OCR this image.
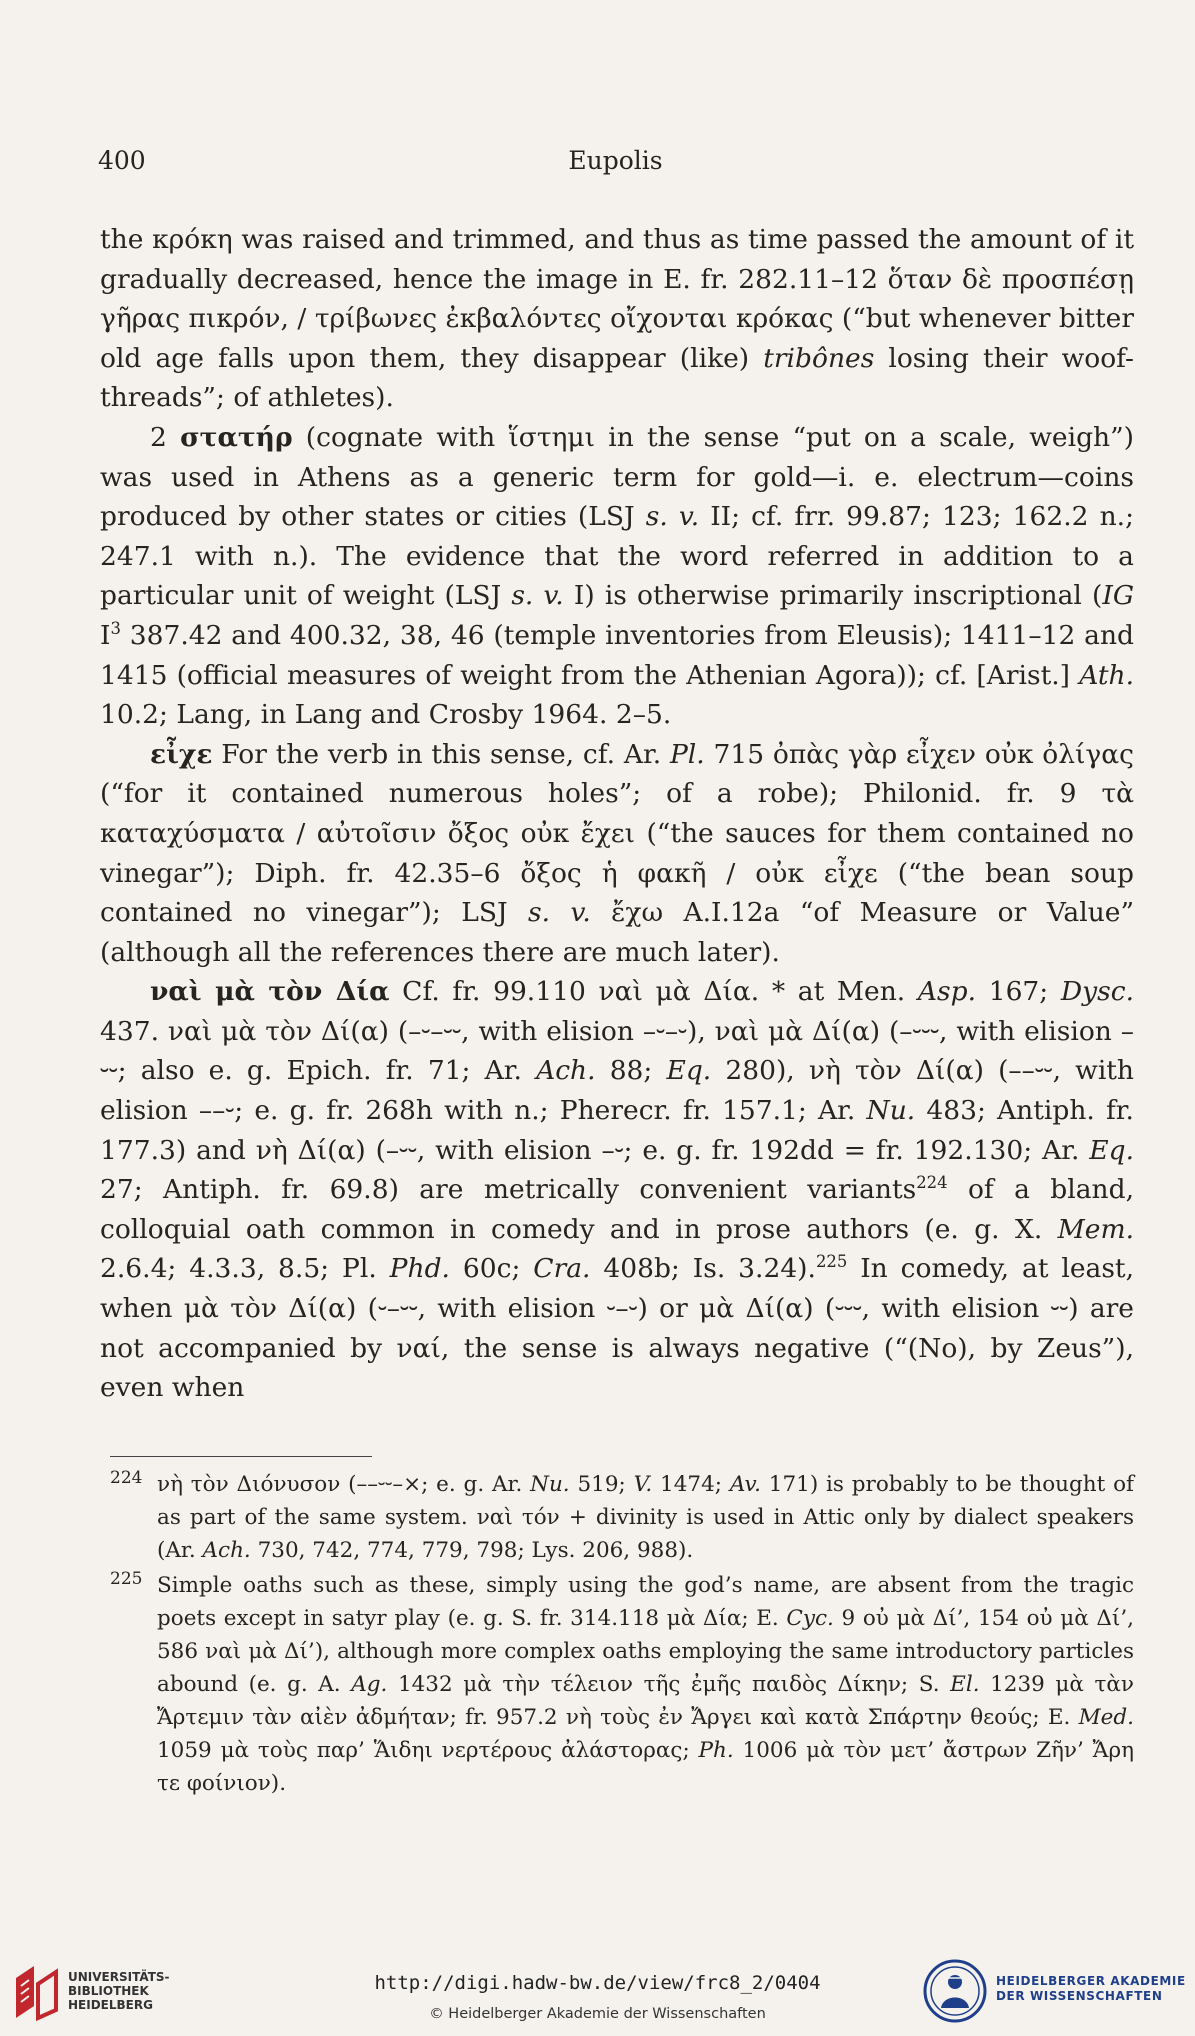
400	Eupolis

the κρόκη was raised and trimmed, and thus as time passed the amount of it gradually decreased, hence the image in E. fr. 282.11–12 ὅταν δὲ προσπέσῃ γῆρας πικρόν, / τρίβωνες ἐκβαλόντες οἴχονται κρόκας (“but whenever bitter old age falls upon them, they disappear (like) tribônes losing their woof-threads”; of athletes).

2 στατήρ (cognate with ἵστημι in the sense “put on a scale, weigh”) was used in Athens as a generic term for gold—i. e. electrum—coins produced by other states or cities (LSJ s. v. II; cf. frr. 99.87; 123; 162.2 n.; 247.1 with n.). The evidence that the word referred in addition to a particular unit of weight (LSJ s. v. I) is otherwise primarily inscriptional (IG $I^3$ 387.42 and 400.32, 38, 46 (temple inventories from Eleusis); 1411–12 and 1415 (official measures of weight from the Athenian Agora)); cf. [Arist.] Ath. 10.2; Lang, in Lang and Crosby 1964. 2–5.

εἶχε For the verb in this sense, cf. Ar. Pl. 715 ὀπὰς γὰρ εἶχεν οὐκ ὀλίγας (“for it contained numerous holes”; of a robe); Philonid. fr. 9 τὰ καταχύσματα / αὐτοῖσιν ὄξος οὐκ ἔχει (“the sauces for them contained no vinegar”); Diph. fr. 42.35–6 ὄξος ἡ φακῆ / οὐκ εἶχε (“the bean soup contained no vinegar”); LSJ s. v. ἔχω A.I.12a “of Measure or Value” (although all the references there are much later).

ναὶ μὰ τὸν Δία Cf. fr. 99.110 ναὶ μὰ Δία. * at Men. Asp. 167; Dysc. 437. ναὶ μὰ τὸν Δί(α) (–⏑–⏑⏑, with elision –⏑–⏑), ναὶ μὰ Δί(α) (–⏑⏑⏑, with elision –⏑⏑; also e. g. Epich. fr. 71; Ar. Ach. 88; Eq. 280), νὴ τὸν Δί(α) (––⏑⏑, with elision ––⏑; e. g. fr. 268h with n.; Pherecr. fr. 157.1; Ar. Nu. 483; Antiph. fr. 177.3) and νὴ Δί(α) (–⏑⏑, with elision –⏑; e. g. fr. 192dd = fr. 192.130; Ar. Eq. 27; Antiph. fr. 69.8) are metrically convenient variants$^{224}$ of a bland, colloquial oath common in comedy and in prose authors (e. g. X. Mem. 2.6.4; 4.3.3, 8.5; Pl. Phd. 60c; Cra. 408b; Is. 3.24).$^{225}$ In comedy, at least, when μὰ τὸν Δί(α) (⏑–⏑⏑, with elision ⏑–⏑) or μὰ Δί(α) (⏑⏑⏑, with elision ⏑⏑) are not accompanied by ναί, the sense is always negative (“(No), by Zeus”), even when

224 νὴ τὸν Διόνυσον (––⏑⏑–×; e. g. Ar. Nu. 519; V. 1474; Av. 171) is probably to be thought of as part of the same system. ναὶ τόν + divinity is used in Attic only by dialect speakers (Ar. Ach. 730, 742, 774, 779, 798; Lys. 206, 988).
225 Simple oaths such as these, simply using the god’s name, are absent from the tragic poets except in satyr play (e. g. S. fr. 314.118 μὰ Δία; E. Cyc. 9 οὐ μὰ Δί’, 154 οὐ μὰ Δί’, 586 ναὶ μὰ Δί’), although more complex oaths employing the same introductory particles abound (e. g. A. Ag. 1432 μὰ τὴν τέλειον τῆς ἐμῆς παιδὸς Δίκην; S. El. 1239 μὰ τὰν Ἄρτεμιν τὰν αἰὲν ἀδμήταν; fr. 957.2 νὴ τοὺς ἐν Ἄργει καὶ κατὰ Σπάρτην θεούς; E. Med. 1059 μὰ τοὺς παρ’ Ἅιδηι νερτέρους ἀλάστορας; Ph. 1006 μὰ τὸν μετ’ ἄστρων Ζῆν’ Ἄρη τε φοίνιον).
UNIVERSITÄTS-
BIBLIOTHEK
HEIDELBERG
http://digi.hadw-bw.de/view/frc8_2/0404
© Heidelberger Akademie der Wissenschaften
HEIDELBERGER AKADEMIE
DER WISSENSCHAFTEN
